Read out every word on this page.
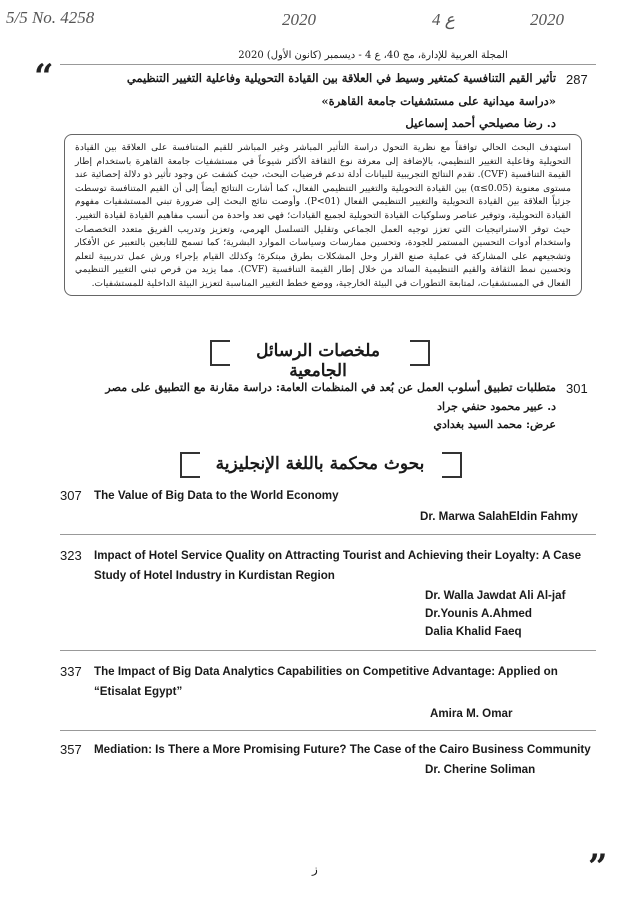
5/5 No. 4258	2020	4 ع	2020
المجلة العربية للإدارة، مج 40، ع 4 - ديسمبر (كانون الأول) 2020
“	287
تأثير القيم التنافسية كمتغير وسيط في العلاقة بين القيادة التحويلية وفاعلية التغيير التنظيمي
«دراسة ميدانية على مستشفيات جامعة القاهرة»
د. رضا مصيلحي أحمد إسماعيل
استهدف البحث الحالي توافقاً مع نظرية التحول دراسة التأثير المباشر وغير المباشر للقيم المتنافسة على العلاقة بين القيادة التحويلية وفاعلية التغيير التنظيمي، بالإضافة إلى معرفة نوع الثقافة الأكثر شيوعاً في مستشفيات جامعة القاهرة باستخدام إطار القيمة التنافسية (CVF). تقدم النتائج التجريبية للبيانات أدلة تدعم فرضيات البحث، حيث كشفت عن وجود تأثير ذو دلالة إحصائية عند مستوى معنوية (α≤0.05) بين القيادة التحويلية والتغيير التنظيمي الفعال، كما أشارت النتائج أيضاً إلى أن القيم المتنافسة توسطت جزئياً العلاقة بين القيادة التحويلية والتغيير التنظيمي الفعال (P<01). وأوصت نتائج البحث إلى ضرورة تبني المستشفيات مفهوم القيادة التحويلية، وتوفير عناصر وسلوكيات القيادة التحويلية لجميع القيادات؛ فهي تعد واحدة من أنسب مفاهيم القيادة لقيادة التغيير. حيث توفر الاستراتيجيات التي تعزز توجيه العمل الجماعي وتقليل التسلسل الهرمي، وتعزيز وتدريب الفريق متعدد التخصصات واستخدام أدوات التحسين المستمر للجودة، وتحسين ممارسات وسياسات الموارد البشرية؛ كما تسمح للتابعين بالتعبير عن الأفكار وتشجيعهم على المشاركة في عملية صنع القرار وحل المشكلات بطرق مبتكرة؛ وكذلك القيام بإجراء ورش عمل تدريبية لتعلم وتحسين نمط الثقافة والقيم التنظيمية السائد من خلال إطار القيمة التنافسية (CVF). مما يزيد من فرص تبني التغيير التنظيمي الفعال في المستشفيات، لمتابعة التطورات في البيئة الخارجية، ووضع خطط التغيير المناسبة لتعزيز البيئة الداخلية للمستشفيات.
ملخصات الرسائل الجامعية
301
متطلبات تطبيق أسلوب العمل عن بُعد في المنظمات العامة: دراسة مقارنة مع التطبيق على مصر
د. عبير محمود حنفي جراد
عرض: محمد السيد بغدادي
بحوث محكمة باللغة الإنجليزية
307 The Value of Big Data to the World Economy
Dr. Marwa SalahEldin Fahmy
323 Impact of Hotel Service Quality on Attracting Tourist and Achieving their Loyalty: A Case
Study of Hotel Industry in Kurdistan Region
Dr. Walla Jawdat Ali Al-jaf
Dr.Younis A.Ahmed
Dalia Khalid Faeq
337 The Impact of Big Data Analytics Capabilities on Competitive Advantage: Applied on
“Etisalat Egypt”
Amira M. Omar
357 Mediation: Is There a More Promising Future? The Case of the Cairo Business Community
Dr. Cherine Soliman
ز	”
